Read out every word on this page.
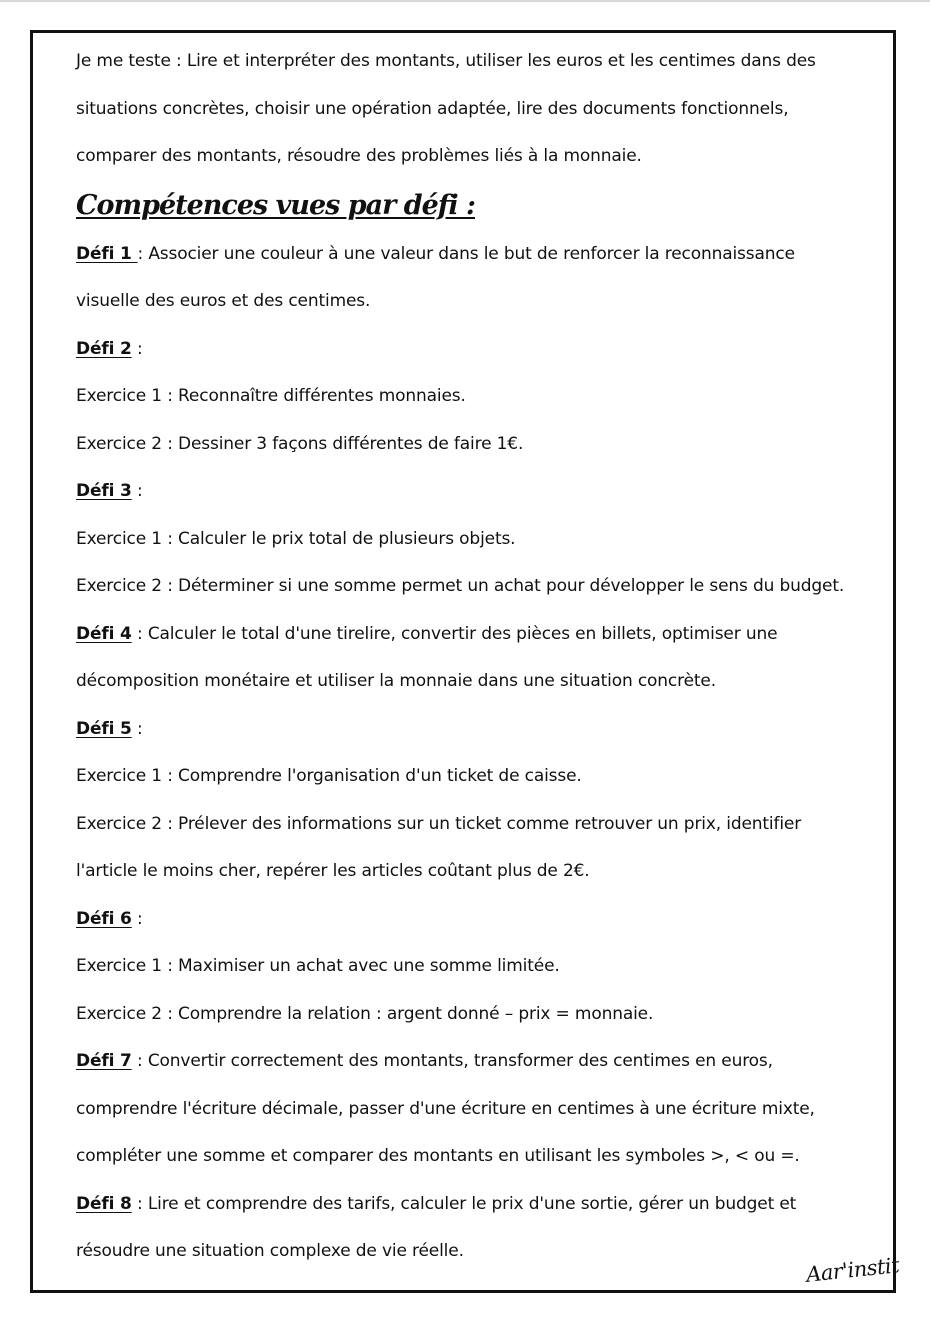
Je me teste : Lire et interpréter des montants, utiliser les euros et les centimes dans des
situations concrètes, choisir une opération adaptée, lire des documents fonctionnels,
comparer des montants, résoudre des problèmes liés à la monnaie.
Compétences vues par défi :
Défi 1 : Associer une couleur à une valeur dans le but de renforcer la reconnaissance
visuelle des euros et des centimes.
Défi 2 :
Exercice 1 : Reconnaître différentes monnaies.
Exercice 2 : Dessiner 3 façons différentes de faire 1€.
Défi 3 :
Exercice 1 : Calculer le prix total de plusieurs objets.
Exercice 2 : Déterminer si une somme permet un achat pour développer le sens du budget.
Défi 4 : Calculer le total d'une tirelire, convertir des pièces en billets, optimiser une
décomposition monétaire et utiliser la monnaie dans une situation concrète.
Défi 5 :
Exercice 1 : Comprendre l'organisation d'un ticket de caisse.
Exercice 2 : Prélever des informations sur un ticket comme retrouver un prix, identifier
l'article le moins cher, repérer les articles coûtant plus de 2€.
Défi 6 :
Exercice 1 : Maximiser un achat avec une somme limitée.
Exercice 2 : Comprendre la relation : argent donné – prix = monnaie.
Défi 7 : Convertir correctement des montants, transformer des centimes en euros,
comprendre l'écriture décimale, passer d'une écriture en centimes à une écriture mixte,
compléter une somme et comparer des montants en utilisant les symboles >, < ou =.
Défi 8 : Lire et comprendre des tarifs, calculer le prix d'une sortie, gérer un budget et
résoudre une situation complexe de vie réelle.
Aar'instit
